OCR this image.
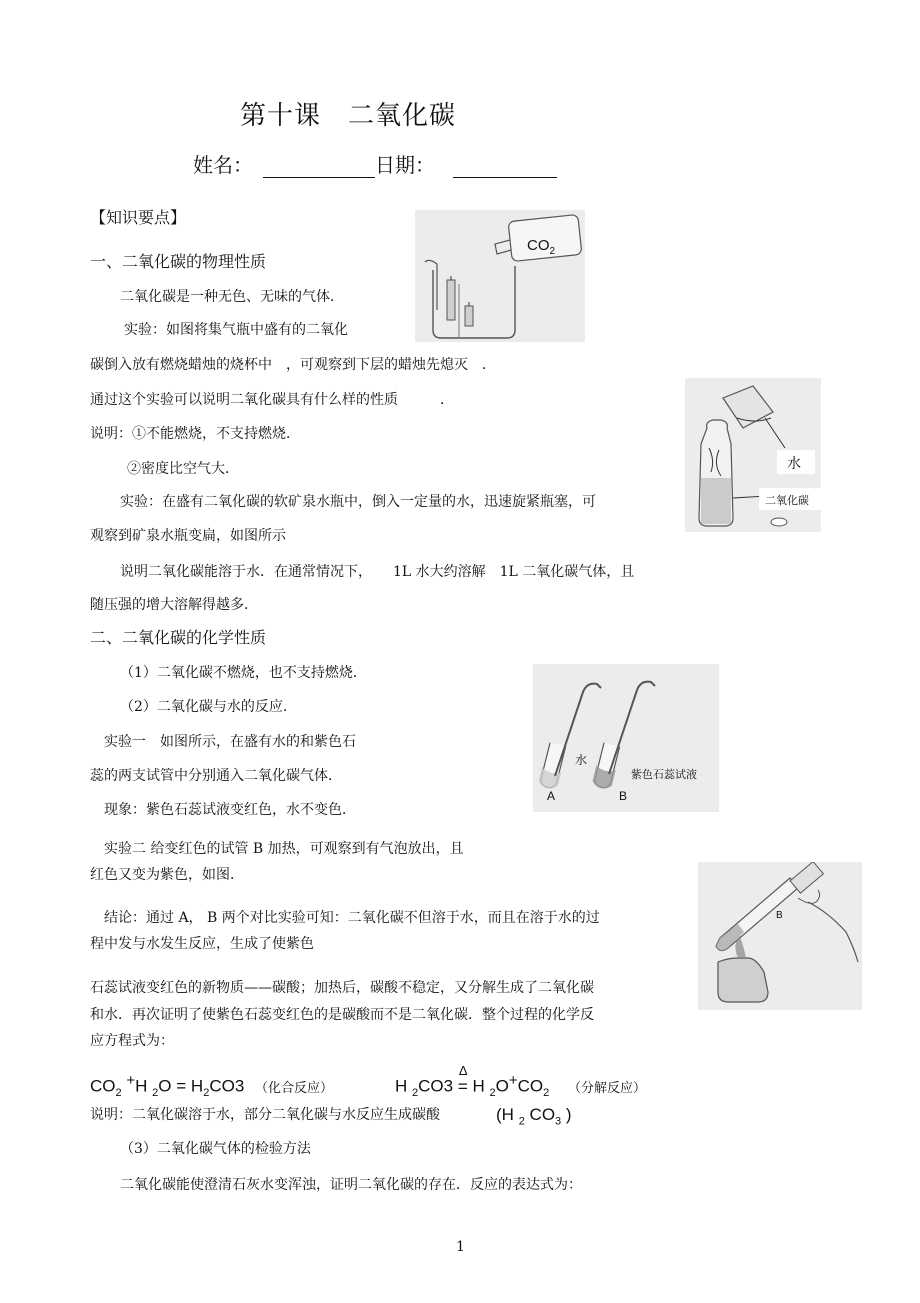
第十课　二氧化碳
姓名：	日期：
【知识要点】
一、二氧化碳的物理性质
二氧化碳是一种无色、无味的气体．
实验：如图将集气瓶中盛有的二氧化
碳倒入放有燃烧蜡烛的烧杯中　，可观察到下层的蜡烛先熄灭　．
通过这个实验可以说明二氧化碳具有什么样的性质　　　．
说明：①不能燃烧，不支持燃烧．
②密度比空气大．
实验：在盛有二氧化碳的软矿泉水瓶中，倒入一定量的水，迅速旋紧瓶塞，可
观察到矿泉水瓶变扁，如图所示
说明二氧化碳能溶于水．在通常情况下，　　1L 水大约溶解　1L 二氧化碳气体，且
随压强的增大溶解得越多．
二、二氧化碳的化学性质
（1）二氧化碳不燃烧，也不支持燃烧．
（2）二氧化碳与水的反应．
实验一　如图所示，在盛有水的和紫色石
蕊的两支试管中分别通入二氧化碳气体．
现象：紫色石蕊试液变红色，水不变色．
实验二 给变红色的试管 B 加热，可观察到有气泡放出，且
红色又变为紫色，如图．
结论：通过 A， B 两个对比实验可知：二氧化碳不但溶于水，而且在溶于水的过
程中发与水发生反应，生成了使紫色
石蕊试液变红色的新物质——碳酸；加热后，碳酸不稳定，又分解生成了二氧化碳
和水．再次证明了使紫色石蕊变红色的是碳酸而不是二氧化碳．整个过程的化学反
应方程式为：
$CO_2$ +H $_2O = H_2CO3$ （化合反应）	H $_2$CO3
Δ
= H $_2O^+CO_2$ （分解反应）
说明：二氧化碳溶于水，部分二氧化碳与水反应生成碳酸	(H $_2$ $CO_3$ )
（3）二氧化碳气体的检验方法
二氧化碳能使澄清石灰水变浑浊，证明二氧化碳的存在．反应的表达式为：
1
$CO_2$
水
二氧化碳
水
紫色石蕊试液
A	B
B
